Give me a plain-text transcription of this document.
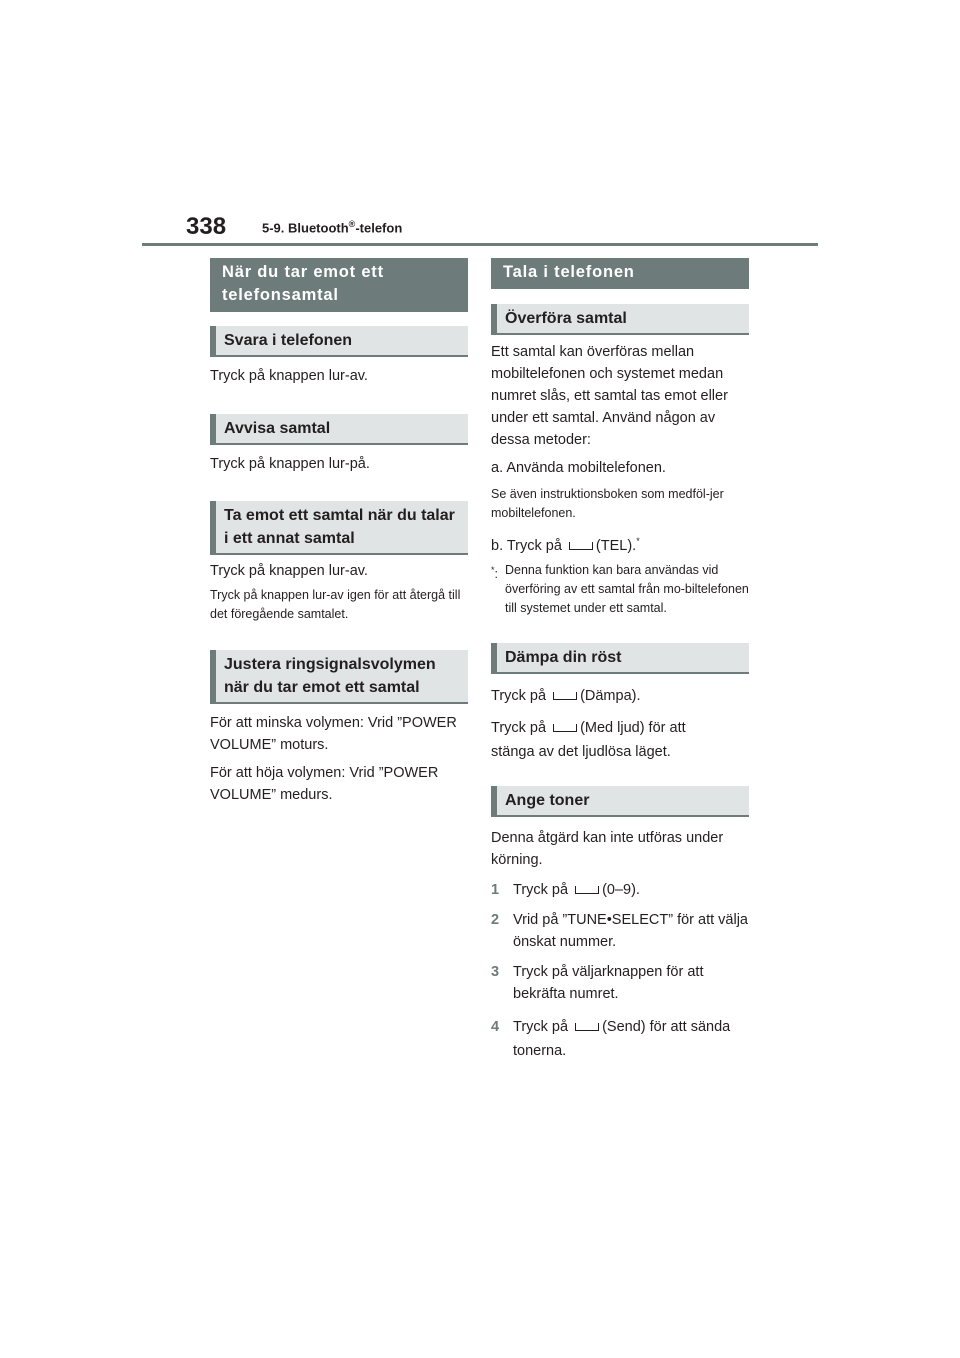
338	5-9. Bluetooth®-telefon
När du tar emot ett telefonsamtal
Svara i telefonen

Tryck på knappen lur-av.

Avvisa samtal

Tryck på knappen lur-på.

Ta emot ett samtal när du talar i ett annat samtal

Tryck på knappen lur-av.

Tryck på knappen lur-av igen för att återgå till det föregående samtalet.

Justera ringsignalsvolymen när du tar emot ett samtal

För att minska volymen: Vrid ”POWER VOLUME” moturs.

För att höja volymen: Vrid ”POWER VOLUME” medurs.

Tala i telefonen
Överföra samtal

Ett samtal kan överföras mellan mobiltelefonen och systemet medan numret slås, ett samtal tas emot eller under ett samtal. Använd någon av dessa metoder:

a. Använda mobiltelefonen.

Se även instruktionsboken som medföl-jer mobiltelefonen.

b. Tryck på (TEL).*

*: Denna funktion kan bara användas vid överföring av ett samtal från mo-biltelefonen till systemet under ett samtal.
Dämpa din röst

Tryck på (Dämpa).

Tryck på (Med ljud) för att

stänga av det ljudlösa läget.

Ange toner

Denna åtgärd kan inte utföras under körning.

1 Tryck på (0–9).
2 Vrid på ”TUNE•SELECT” för att välja önskat nummer.
3 Tryck på väljarknappen för att bekräfta numret.
4 Tryck på (Send) för att sända
tonerna.
